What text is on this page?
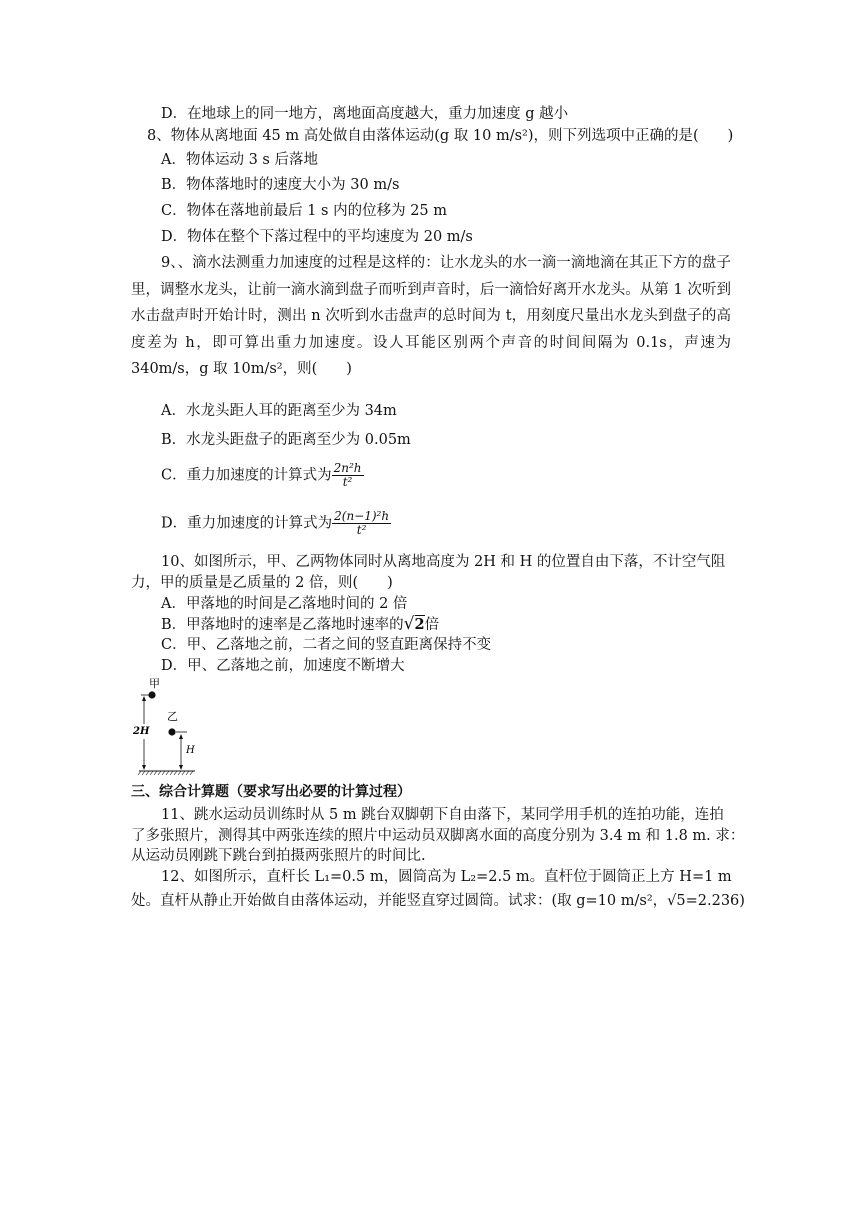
D．在地球上的同一地方，离地面高度越大，重力加速度 g 越小
8、物体从离地面 45 m 高处做自由落体运动(g 取 10 m/s²)，则下列选项中正确的是(　　)
A．物体运动 3 s 后落地
B．物体落地时的速度大小为 30 m/s
C．物体在落地前最后 1 s 内的位移为 25 m
D．物体在整个下落过程中的平均速度为 20 m/s
9、、滴水法测重力加速度的过程是这样的：让水龙头的水一滴一滴地滴在其正下方的盘子里，调整水龙头，让前一滴水滴到盘子而听到声音时，后一滴恰好离开水龙头。从第 1 次听到水击盘声时开始计时，测出 n 次听到水击盘声的总时间为 t，用刻度尺量出水龙头到盘子的高度差为 h，即可算出重力加速度。设人耳能区别两个声音的时间间隔为 0.1s，声速为 340m/s，g 取 10m/s²，则(　　)
A．水龙头距人耳的距离至少为 34m
B．水龙头距盘子的距离至少为 0.05m
C．重力加速度的计算式为 $\frac{\text{2n²h}}{\text{t²}}$
D．重力加速度的计算式为 $\frac{\text{2(n−1)²h}}{\text{t²}}$
10、如图所示，甲、乙两物体同时从离地高度为 2H 和 H 的位置自由下落，不计空气阻
力，甲的质量是乙质量的 2 倍，则(　　)
A．甲落地的时间是乙落地时间的 2 倍
B．甲落地时的速率是乙落地时速率的√2倍
C．甲、乙落地之前，二者之间的竖直距离保持不变
D．甲、乙落地之前，加速度不断增大
甲
2H
乙
H
三、综合计算题（要求写出必要的计算过程）
11、跳水运动员训练时从 5 m 跳台双脚朝下自由落下，某同学用手机的连拍功能，连拍
了多张照片，测得其中两张连续的照片中运动员双脚离水面的高度分别为 3.4 m 和 1.8 m. 求：
从运动员刚跳下跳台到拍摄两张照片的时间比.
12、如图所示，直杆长 L₁=0.5 m，圆筒高为 L₂=2.5 m。直杆位于圆筒正上方 H=1 m
处。直杆从静止开始做自由落体运动，并能竖直穿过圆筒。试求：(取 g=10 m/s²，√5=2.236)
